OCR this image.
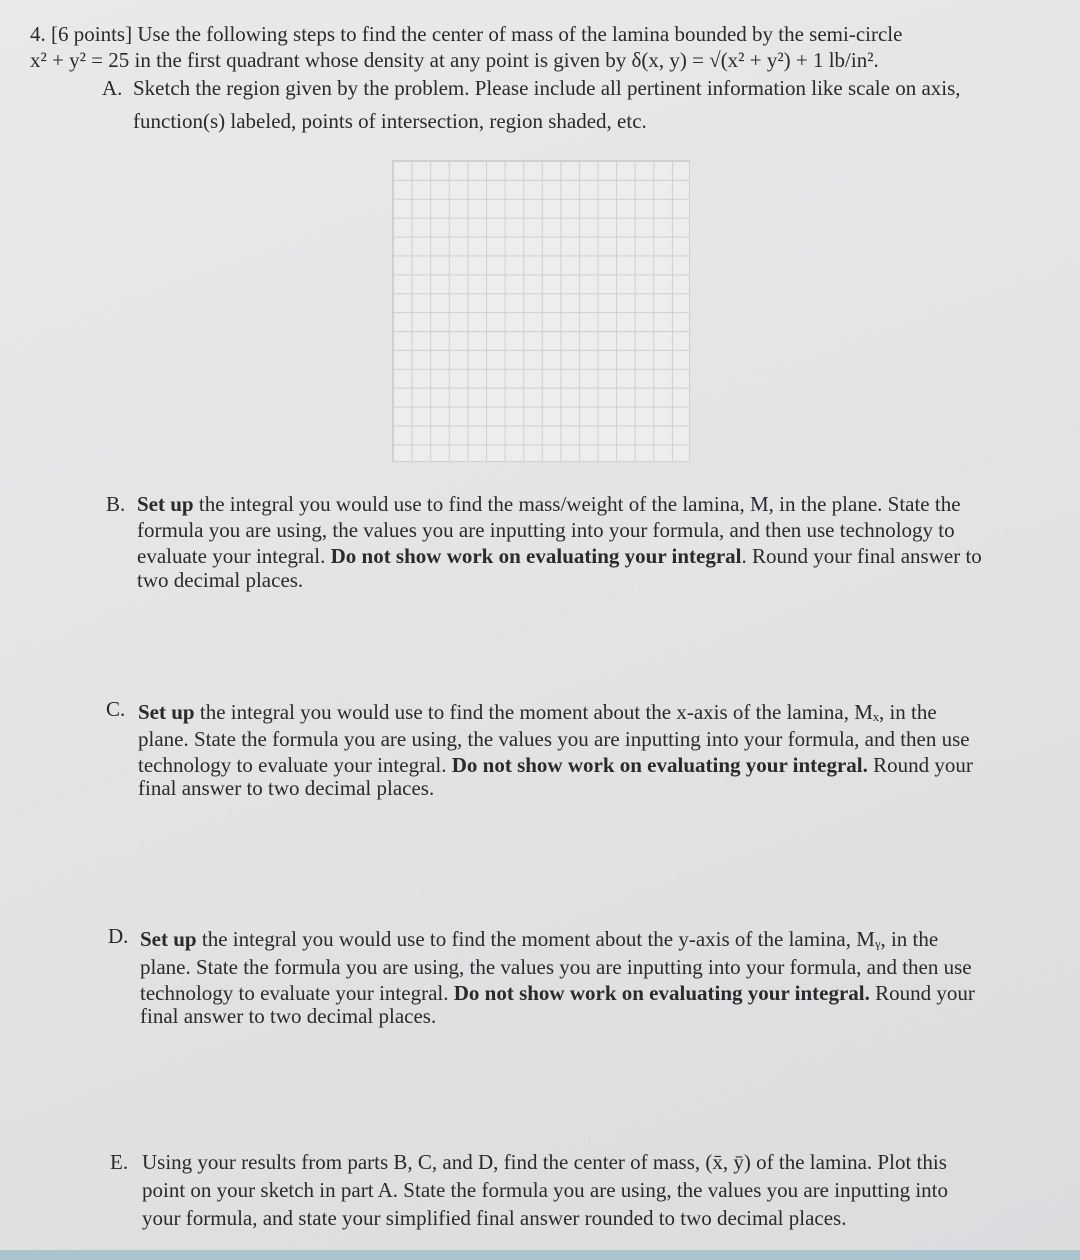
4. [6 points] Use the following steps to find the center of mass of the lamina bounded by the semi-circle
x² + y² = 25 in the first quadrant whose density at any point is given by δ(x, y) = √(x² + y²) + 1 lb/in².
A. Sketch the region given by the problem. Please include all pertinent information like scale on axis,
function(s) labeled, points of intersection, region shaded, etc.
B. Set up the integral you would use to find the mass/weight of the lamina, M, in the plane. State the
formula you are using, the values you are inputting into your formula, and then use technology to
evaluate your integral. Do not show work on evaluating your integral. Round your final answer to
two decimal places.
C. Set up the integral you would use to find the moment about the x-axis of the lamina, Mₓ, in the
plane. State the formula you are using, the values you are inputting into your formula, and then use
technology to evaluate your integral. Do not show work on evaluating your integral. Round your
final answer to two decimal places.
D. Set up the integral you would use to find the moment about the y-axis of the lamina, Mᵧ, in the
plane. State the formula you are using, the values you are inputting into your formula, and then use
technology to evaluate your integral. Do not show work on evaluating your integral. Round your
final answer to two decimal places.
E. Using your results from parts B, C, and D, find the center of mass, (x̄, ȳ) of the lamina. Plot this
point on your sketch in part A. State the formula you are using, the values you are inputting into
your formula, and state your simplified final answer rounded to two decimal places.
